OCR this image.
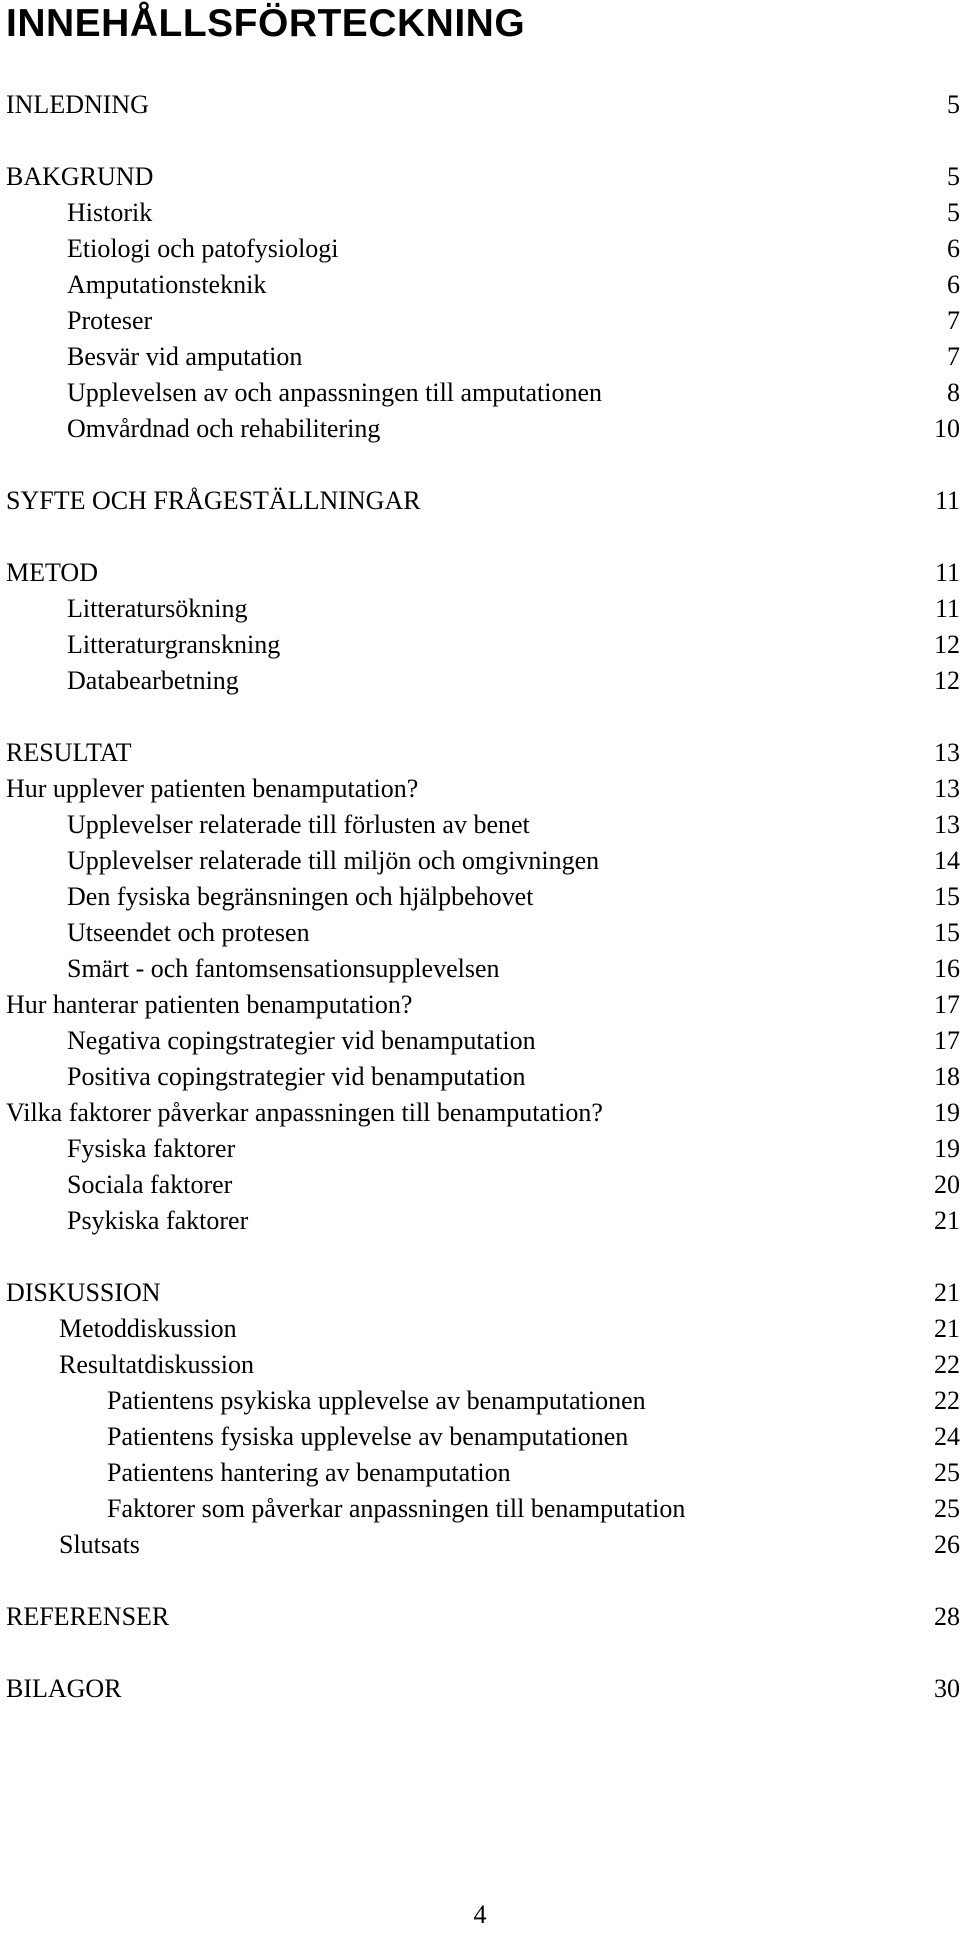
INNEHÅLLSFÖRTECKNING
INLEDNING	5
BAKGRUND	5
Historik	5
Etiologi och patofysiologi	6
Amputationsteknik	6
Proteser	7
Besvär vid amputation	7
Upplevelsen av och anpassningen till amputationen	8
Omvårdnad och rehabilitering	10
SYFTE OCH FRÅGESTÄLLNINGAR	11
METOD	11
Litteratursökning	11
Litteraturgranskning	12
Databearbetning	12
RESULTAT	13
Hur upplever patienten benamputation?	13
Upplevelser relaterade till förlusten av benet	13
Upplevelser relaterade till miljön och omgivningen	14
Den fysiska begränsningen och hjälpbehovet	15
Utseendet och protesen	15
Smärt - och fantomsensationsupplevelsen	16
Hur hanterar patienten benamputation?	17
Negativa copingstrategier vid benamputation	17
Positiva copingstrategier vid benamputation	18
Vilka faktorer påverkar anpassningen till benamputation?	19
Fysiska faktorer	19
Sociala faktorer	20
Psykiska faktorer	21
DISKUSSION	21
Metoddiskussion	21
Resultatdiskussion	22
Patientens psykiska upplevelse av benamputationen	22
Patientens fysiska upplevelse av benamputationen	24
Patientens hantering av benamputation	25
Faktorer som påverkar anpassningen till benamputation	25
Slutsats	26
REFERENSER	28
BILAGOR	30
4
